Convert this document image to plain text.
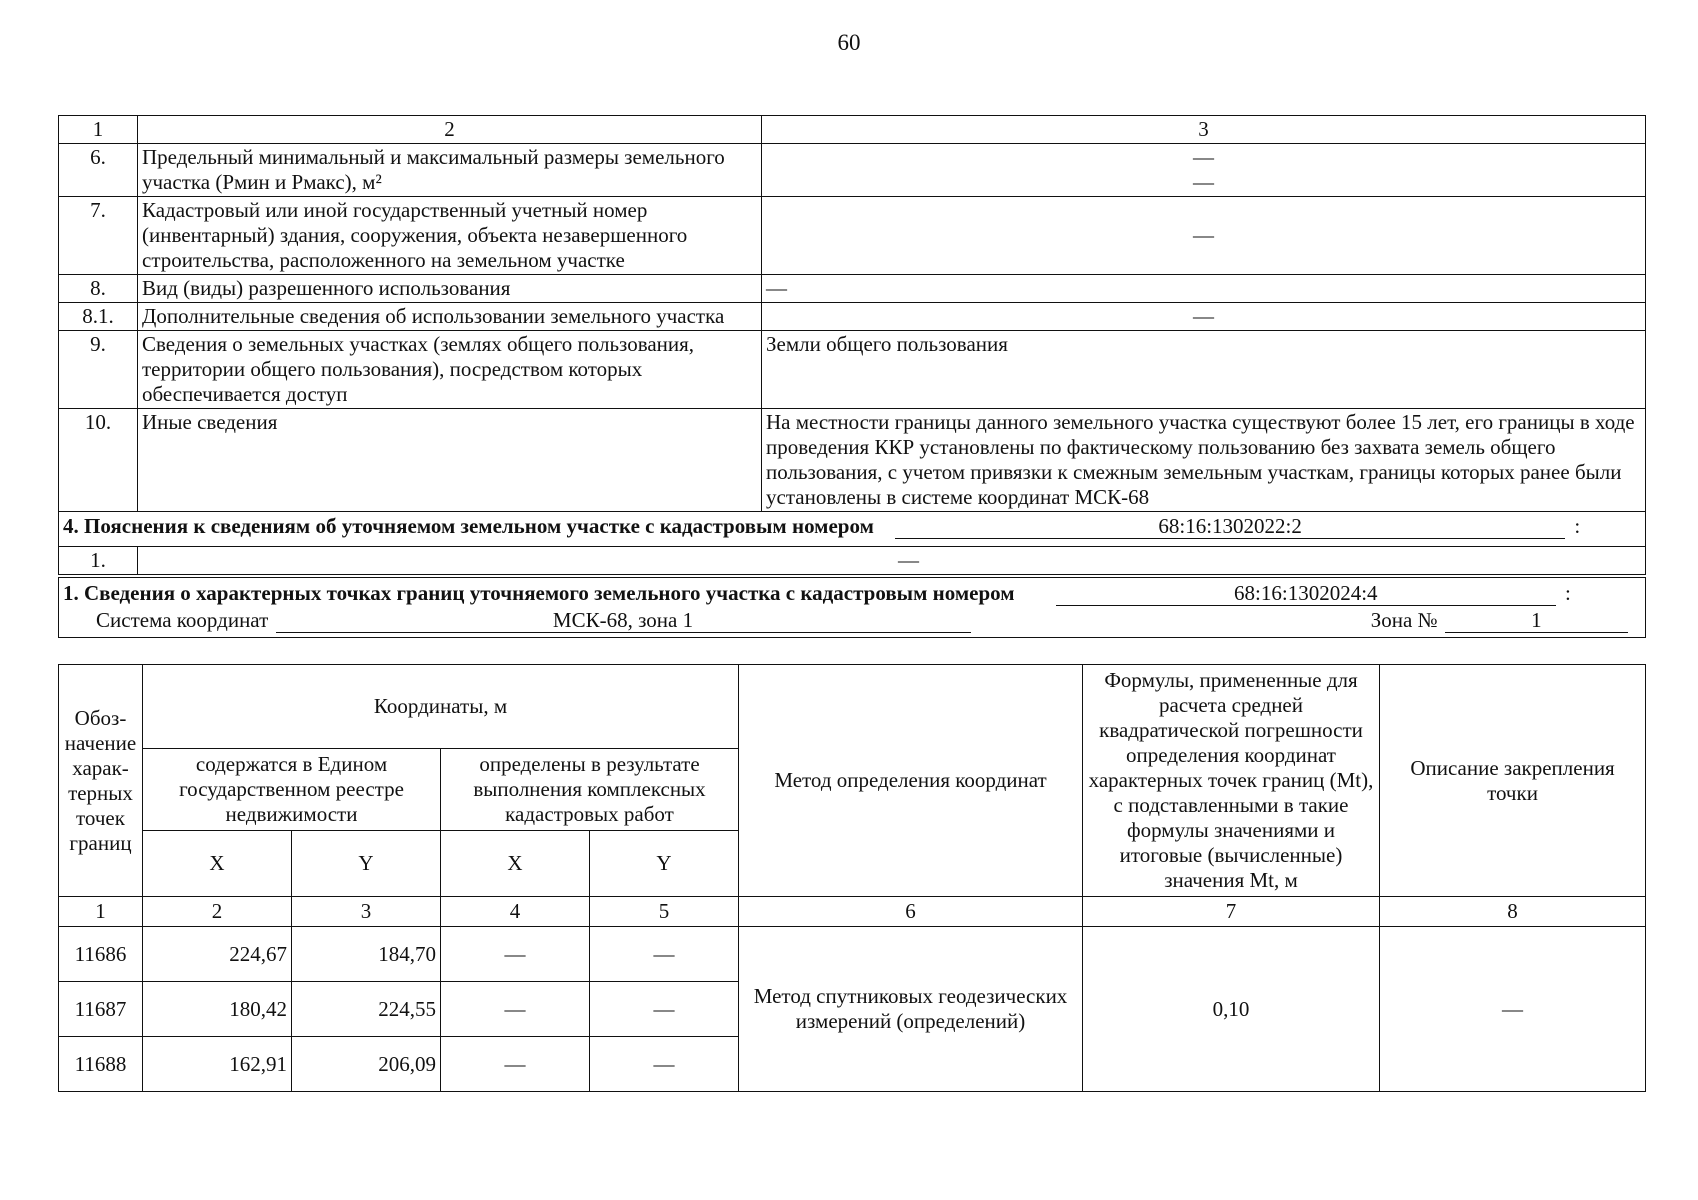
60
1	2	3
6.	Предельный минимальный и максимальный размеры земельного участка (Pмин и Pмакс), м²	—
—

7.	Кадастровый или иной государственный учетный номер (инвентарный) здания, сооружения, объекта незавершенного строительства, расположенного на земельном участке	—
8.	Вид (виды) разрешенного использования	—
8.1.	Дополнительные сведения об использовании земельного участка	—
9.	Сведения о земельных участках (землях общего пользования, территории общего пользования), посредством которых обеспечивается доступ	Земли общего пользования
10.	Иные сведения	На местности границы данного земельного участка существуют более 15 лет, его границы в ходе проведения ККР установлены по фактическому пользованию без захвата земель общего пользования, с учетом привязки к смежным земельным участкам, границы которых ранее были установлены в системе координат МСК-68
4. Пояснения к сведениям об уточняемом земельном участке с кадастровым номером 68:16:1302022:2 :		
1.	—	

1. Сведения о характерных точках границ уточняемого земельного участка с кадастровым номером 68:16:1302024:4 :
Система координат МСК-68, зона 1 Зона № 1		
Обоз-начение харак-терных точек границ	Координаты, м				Метод определения координат	Формулы, примененные для расчета средней квадратической погрешности определения координат характерных точек границ (Mt), с подставленными в такие формулы значениями и итоговые (вычисленные) значения Mt, м	Описание закрепления точки
	содержатся в Едином государственном реестре недвижимости		определены в результате выполнения комплексных кадастровых работ				
	X	Y	X	Y			
1	2	3	4	5	6	7	8
11686	224,67	184,70	—	—	Метод спутниковых геодезических измерений (определений)	0,10	—
11687	180,42	224,55	—	—			
11688	162,91	206,09	—	—			
